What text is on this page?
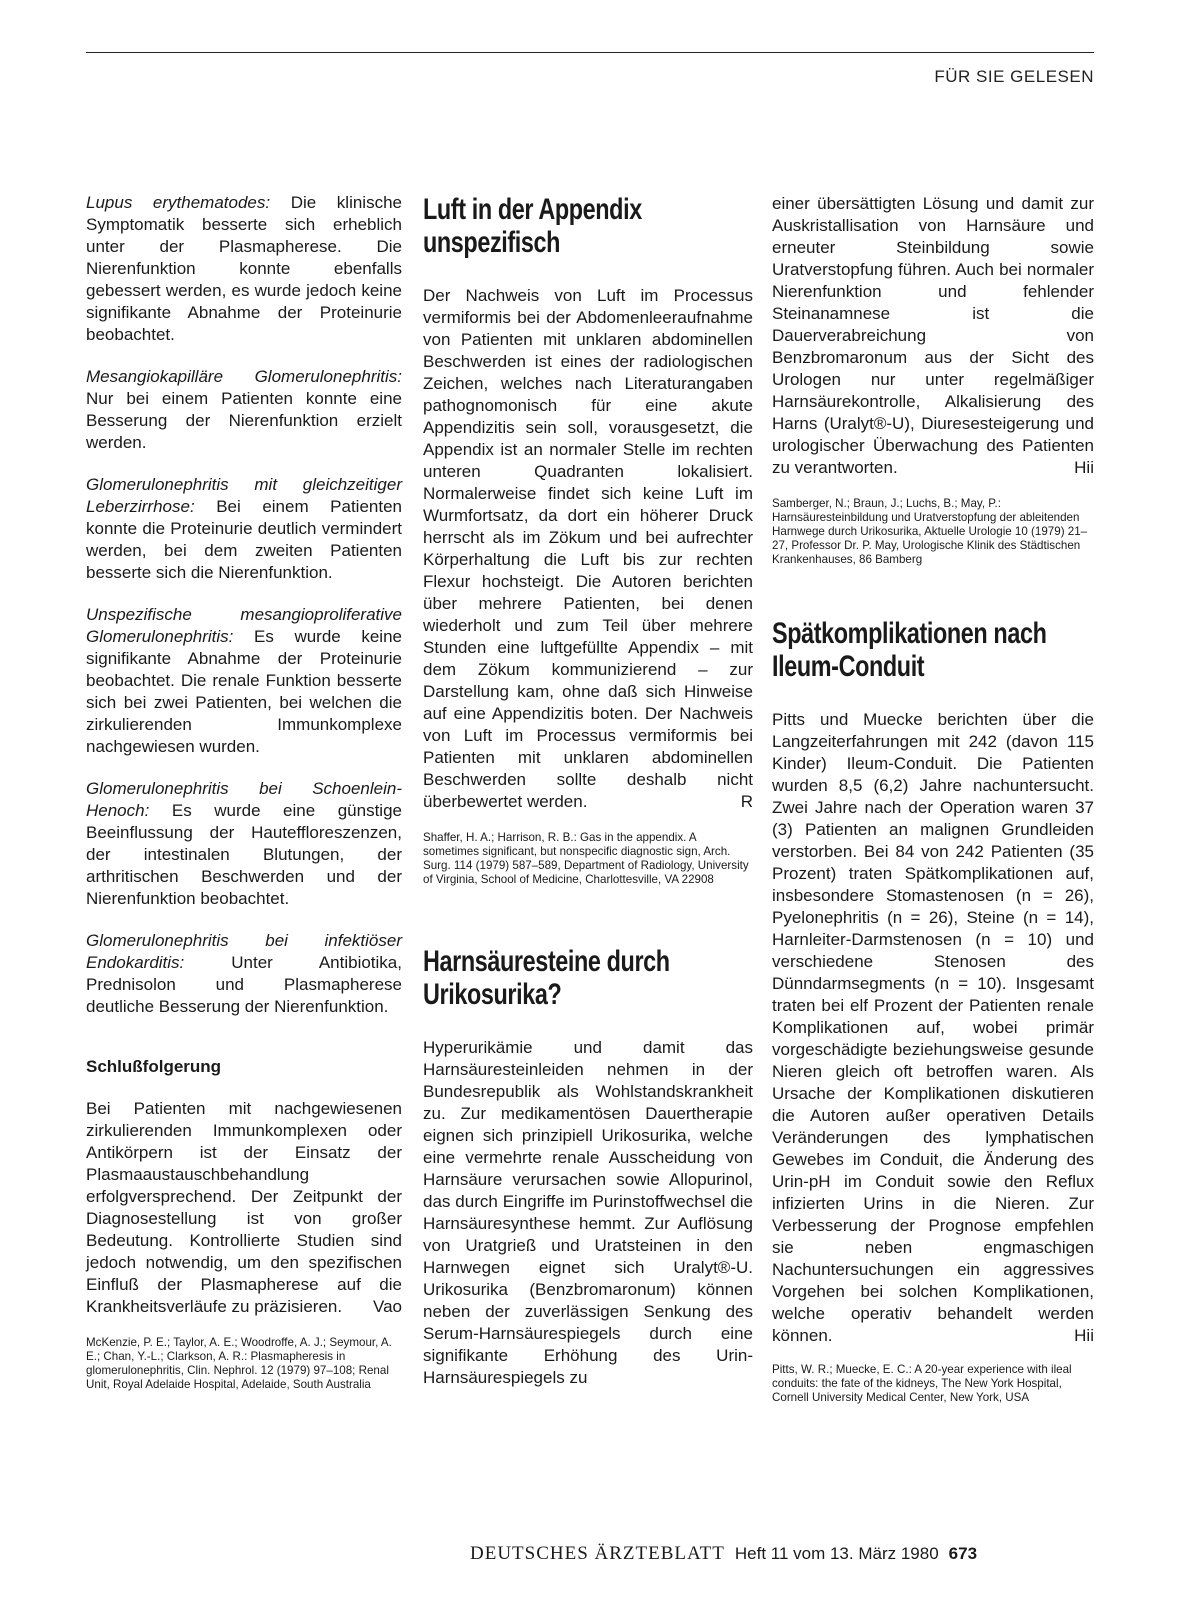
FÜR SIE GELESEN

Lupus erythematodes: Die klinische Symptomatik besserte sich erheblich unter der Plasmapherese. Die Nierenfunktion konnte ebenfalls gebessert werden, es wurde jedoch keine signifikante Abnahme der Proteinurie beobachtet.

Mesangiokapilläre Glomerulonephritis: Nur bei einem Patienten konnte eine Besserung der Nierenfunktion erzielt werden.

Glomerulonephritis mit gleichzeitiger Leberzirrhose: Bei einem Patienten konnte die Proteinurie deutlich vermindert werden, bei dem zweiten Patienten besserte sich die Nierenfunktion.

Unspezifische mesangioproliferative Glomerulonephritis: Es wurde keine signifikante Abnahme der Proteinurie beobachtet. Die renale Funktion besserte sich bei zwei Patienten, bei welchen die zirkulierenden Immunkomplexe nachgewiesen wurden.

Glomerulonephritis bei Schoenlein-Henoch: Es wurde eine günstige Beeinflussung der Hauteffloreszenzen, der intestinalen Blutungen, der arthritischen Beschwerden und der Nierenfunktion beobachtet.

Glomerulonephritis bei infektiöser Endokarditis: Unter Antibiotika, Prednisolon und Plasmapherese deutliche Besserung der Nierenfunktion.

Schlußfolgerung

Bei Patienten mit nachgewiesenen zirkulierenden Immunkomplexen oder Antikörpern ist der Einsatz der Plasmaaustauschbehandlung erfolgversprechend. Der Zeitpunkt der Diagnosestellung ist von großer Bedeutung. Kontrollierte Studien sind jedoch notwendig, um den spezifischen Einfluß der Plasmapherese auf die Krankheitsverläufe zu präzisieren. Vao

McKenzie, P. E.; Taylor, A. E.; Woodroffe, A. J.; Seymour, A. E.; Chan, Y.-L.; Clarkson, A. R.: Plasmapheresis in glomerulonephritis, Clin. Nephrol. 12 (1979) 97–108; Renal Unit, Royal Adelaide Hospital, Adelaide, South Australia

Luft in der Appendix unspezifisch

Der Nachweis von Luft im Processus vermiformis bei der Abdomenleeraufnahme von Patienten mit unklaren abdominellen Beschwerden ist eines der radiologischen Zeichen, welches nach Literaturangaben pathognomonisch für eine akute Appendizitis sein soll, vorausgesetzt, die Appendix ist an normaler Stelle im rechten unteren Quadranten lokalisiert. Normalerweise findet sich keine Luft im Wurmfortsatz, da dort ein höherer Druck herrscht als im Zökum und bei aufrechter Körperhaltung die Luft bis zur rechten Flexur hochsteigt. Die Autoren berichten über mehrere Patienten, bei denen wiederholt und zum Teil über mehrere Stunden eine luftgefüllte Appendix – mit dem Zökum kommunizierend – zur Darstellung kam, ohne daß sich Hinweise auf eine Appendizitis boten. Der Nachweis von Luft im Processus vermiformis bei Patienten mit unklaren abdominellen Beschwerden sollte deshalb nicht überbewertet werden.	R

Shaffer, H. A.; Harrison, R. B.: Gas in the appendix. A sometimes significant, but nonspecific diagnostic sign, Arch. Surg. 114 (1979) 587–589, Department of Radiology, University of Virginia, School of Medicine, Charlottesville, VA 22908

Harnsäuresteine durch Urikosurika?

Hyperurikämie und damit das Harnsäuresteinleiden nehmen in der Bundesrepublik als Wohlstandskrankheit zu. Zur medikamentösen Dauertherapie eignen sich prinzipiell Urikosurika, welche eine vermehrte renale Ausscheidung von Harnsäure verursachen sowie Allopurinol, das durch Eingriffe im Purinstoffwechsel die Harnsäuresynthese hemmt. Zur Auflösung von Uratgrieß und Uratsteinen in den Harnwegen eignet sich Uralyt®-U. Urikosurika (Benzbromaronum) können neben der zuverlässigen Senkung des Serum-Harnsäurespiegels durch eine signifikante Erhöhung des Urin-Harnsäurespiegels zu

einer übersättigten Lösung und damit zur Auskristallisation von Harnsäure und erneuter Steinbildung sowie Uratverstopfung führen. Auch bei normaler Nierenfunktion und fehlender Steinanamnese ist die Dauerverabreichung von Benzbromaronum aus der Sicht des Urologen nur unter regelmäßiger Harnsäurekontrolle, Alkalisierung des Harns (Uralyt®-U), Diuresesteigerung und urologischer Überwachung des Patienten zu verantworten.	Hii

Samberger, N.; Braun, J.; Luchs, B.; May, P.: Harnsäuresteinbildung und Uratverstopfung der ableitenden Harnwege durch Urikosurika, Aktuelle Urologie 10 (1979) 21–27, Professor Dr. P. May, Urologische Klinik des Städtischen Krankenhauses, 86 Bamberg

Spätkomplikationen nach Ileum-Conduit

Pitts und Muecke berichten über die Langzeiterfahrungen mit 242 (davon 115 Kinder) Ileum-Conduit. Die Patienten wurden 8,5 (6,2) Jahre nachuntersucht. Zwei Jahre nach der Operation waren 37 (3) Patienten an malignen Grundleiden verstorben. Bei 84 von 242 Patienten (35 Prozent) traten Spätkomplikationen auf, insbesondere Stomastenosen (n = 26), Pyelonephritis (n = 26), Steine (n = 14), Harnleiter-Darmstenosen (n = 10) und verschiedene Stenosen des Dünndarmsegments (n = 10). Insgesamt traten bei elf Prozent der Patienten renale Komplikationen auf, wobei primär vorgeschädigte beziehungsweise gesunde Nieren gleich oft betroffen waren. Als Ursache der Komplikationen diskutieren die Autoren außer operativen Details Veränderungen des lymphatischen Gewebes im Conduit, die Änderung des Urin-pH im Conduit sowie den Reflux infizierten Urins in die Nieren. Zur Verbesserung der Prognose empfehlen sie neben engmaschigen Nachuntersuchungen ein aggressives Vorgehen bei solchen Komplikationen, welche operativ behandelt werden können.	Hii

Pitts, W. R.; Muecke, E. C.: A 20-year experience with ileal conduits: the fate of the kidneys, The New York Hospital, Cornell University Medical Center, New York, USA

DEUTSCHES ÄRZTEBLATT Heft 11 vom 13. März 1980 673
